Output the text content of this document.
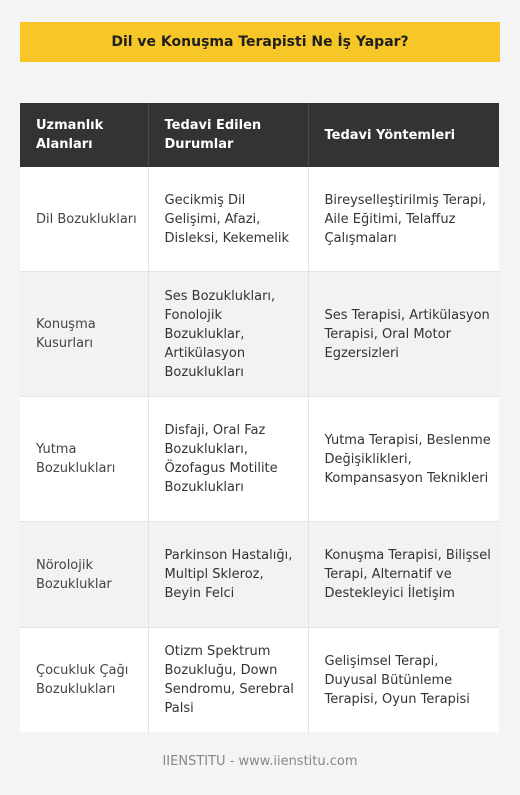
Dil ve Konuşma Terapisti Ne İş Yapar?
Uzmanlık Alanları	Tedavi Edilen Durumlar	Tedavi Yöntemleri
Dil Bozuklukları	Gecikmiş Dil Gelişimi, Afazi, Disleksi, Kekemelik	Bireyselleştirilmiş Terapi, Aile Eğitimi, Telaffuz Çalışmaları
Konuşma Kusurları	Ses Bozuklukları, Fonolojik Bozukluklar, Artikülasyon Bozuklukları	Ses Terapisi, Artikülasyon Terapisi, Oral Motor Egzersizleri
Yutma Bozuklukları	Disfaji, Oral Faz Bozuklukları, Özofagus Motilite Bozuklukları	Yutma Terapisi, Beslenme Değişiklikleri, Kompansasyon Teknikleri
Nörolojik Bozukluklar	Parkinson Hastalığı, Multipl Skleroz, Beyin Felci	Konuşma Terapisi, Bilişsel Terapi, Alternatif ve Destekleyici İletişim
Çocukluk Çağı Bozuklukları	Otizm Spektrum Bozukluğu, Down Sendromu, Serebral Palsi	Gelişimsel Terapi, Duyusal Bütünleme Terapisi, Oyun Terapisi
IIENSTITU - www.iienstitu.com
